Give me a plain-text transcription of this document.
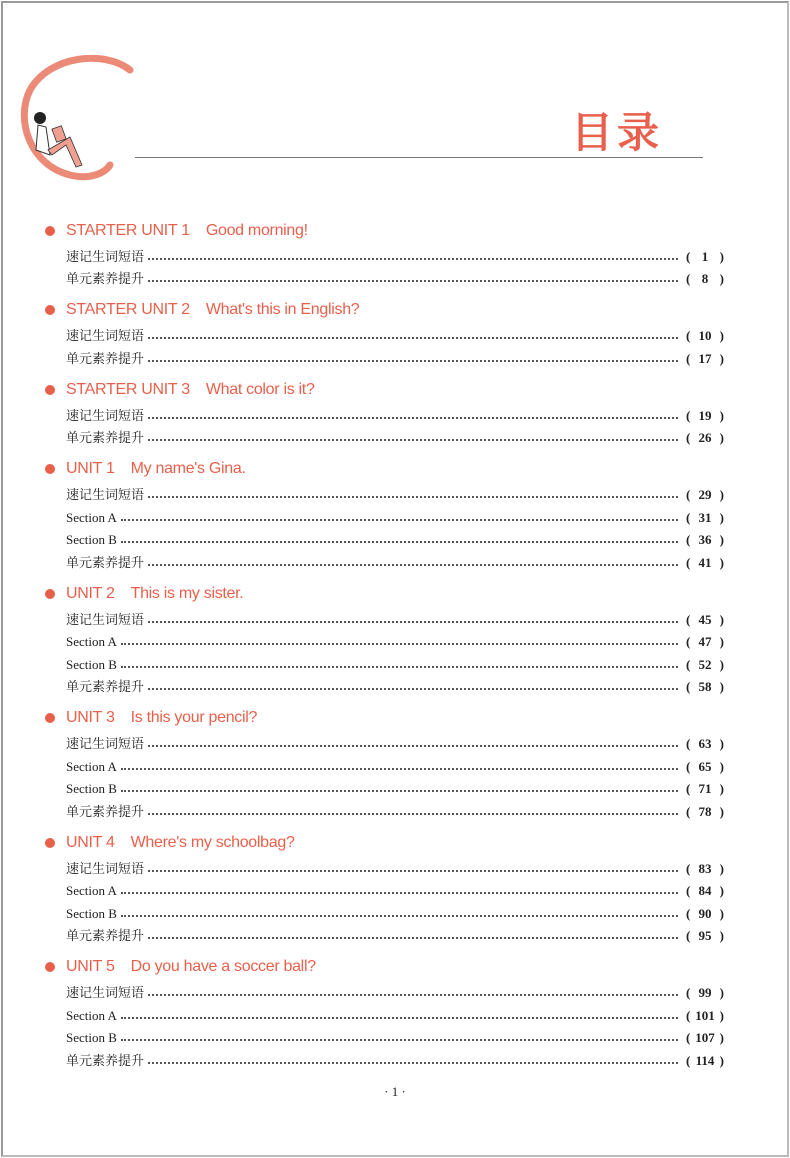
目录
STARTER UNIT 1 Good morning!
速记生词短语	( 1 )
单元素养提升	( 8 )
STARTER UNIT 2 What's this in English?
速记生词短语	( 10 )
单元素养提升	( 17 )
STARTER UNIT 3 What color is it?
速记生词短语	( 19 )
单元素养提升	( 26 )
UNIT 1 My name's Gina.
速记生词短语	( 29 )
Section A	( 31 )
Section B	( 36 )
单元素养提升	( 41 )
UNIT 2 This is my sister.
速记生词短语	( 45 )
Section A	( 47 )
Section B	( 52 )
单元素养提升	( 58 )
UNIT 3 Is this your pencil?
速记生词短语	( 63 )
Section A	( 65 )
Section B	( 71 )
单元素养提升	( 78 )
UNIT 4 Where's my schoolbag?
速记生词短语	( 83 )
Section A	( 84 )
Section B	( 90 )
单元素养提升	( 95 )
UNIT 5 Do you have a soccer ball?
速记生词短语	( 99 )
Section A	( 101 )
Section B	( 107 )
单元素养提升	( 114 )
· 1 ·
